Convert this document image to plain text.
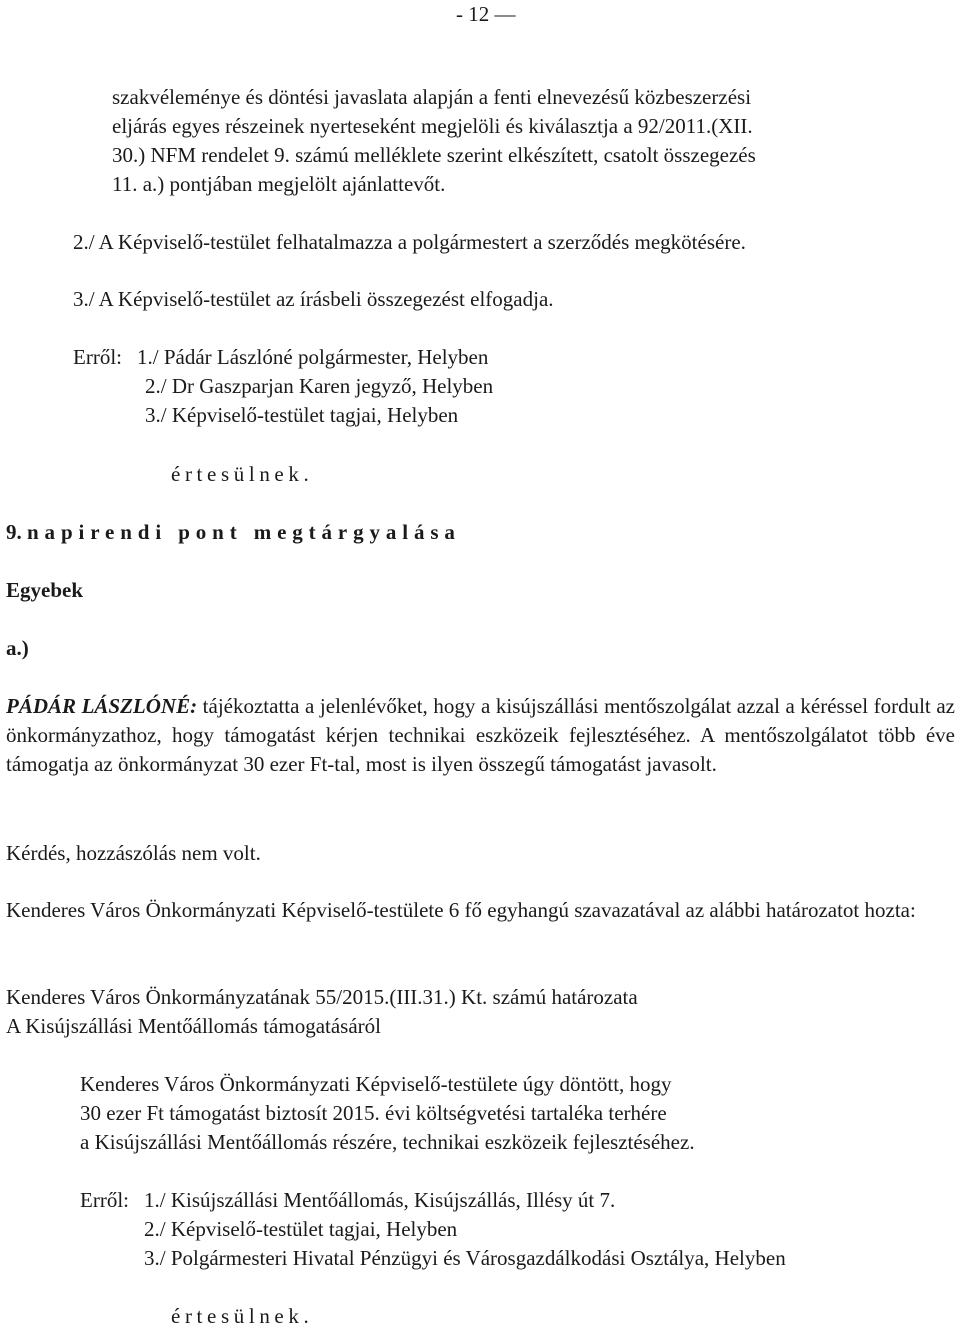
- 12 —
szakvéleménye és döntési javaslata alapján a fenti elnevezésű közbeszerzési
eljárás egyes részeinek nyerteseként megjelöli és kiválasztja a 92/2011.(XII.
30.) NFM rendelet 9. számú melléklete szerint elkészített, csatolt összegezés
11. a.) pontjában megjelölt ajánlattevőt.
2./ A Képviselő-testület felhatalmazza a polgármestert a szerződés megkötésére.
3./ A Képviselő-testület az írásbeli összegezést elfogadja.
Erről: 1./ Pádár Lászlóné polgármester, Helyben
2./ Dr Gaszparjan Karen jegyző, Helyben
3./ Képviselő-testület tagjai, Helyben
értesülnek.
9. napirendi pont megtárgyalása
Egyebek
a.)
PÁDÁR LÁSZLÓNÉ: tájékoztatta a jelenlévőket, hogy a kisújszállási mentőszolgálat azzal a kéréssel fordult az önkormányzathoz, hogy támogatást kérjen technikai eszközeik fejlesztéséhez. A mentőszolgálatot több éve támogatja az önkormányzat 30 ezer Ft-tal, most is ilyen összegű támogatást javasolt.
Kérdés, hozzászólás nem volt.
Kenderes Város Önkormányzati Képviselő-testülete 6 fő egyhangú szavazatával az alábbi határozatot hozta:
Kenderes Város Önkormányzatának 55/2015.(III.31.) Kt. számú határozata
A Kisújszállási Mentőállomás támogatásáról
Kenderes Város Önkormányzati Képviselő-testülete úgy döntött, hogy
30 ezer Ft támogatást biztosít 2015. évi költségvetési tartaléka terhére
a Kisújszállási Mentőállomás részére, technikai eszközeik fejlesztéséhez.
Erről: 1./ Kisújszállási Mentőállomás, Kisújszállás, Illésy út 7.
2./ Képviselő-testület tagjai, Helyben
3./ Polgármesteri Hivatal Pénzügyi és Városgazdálkodási Osztálya, Helyben
értesülnek.
